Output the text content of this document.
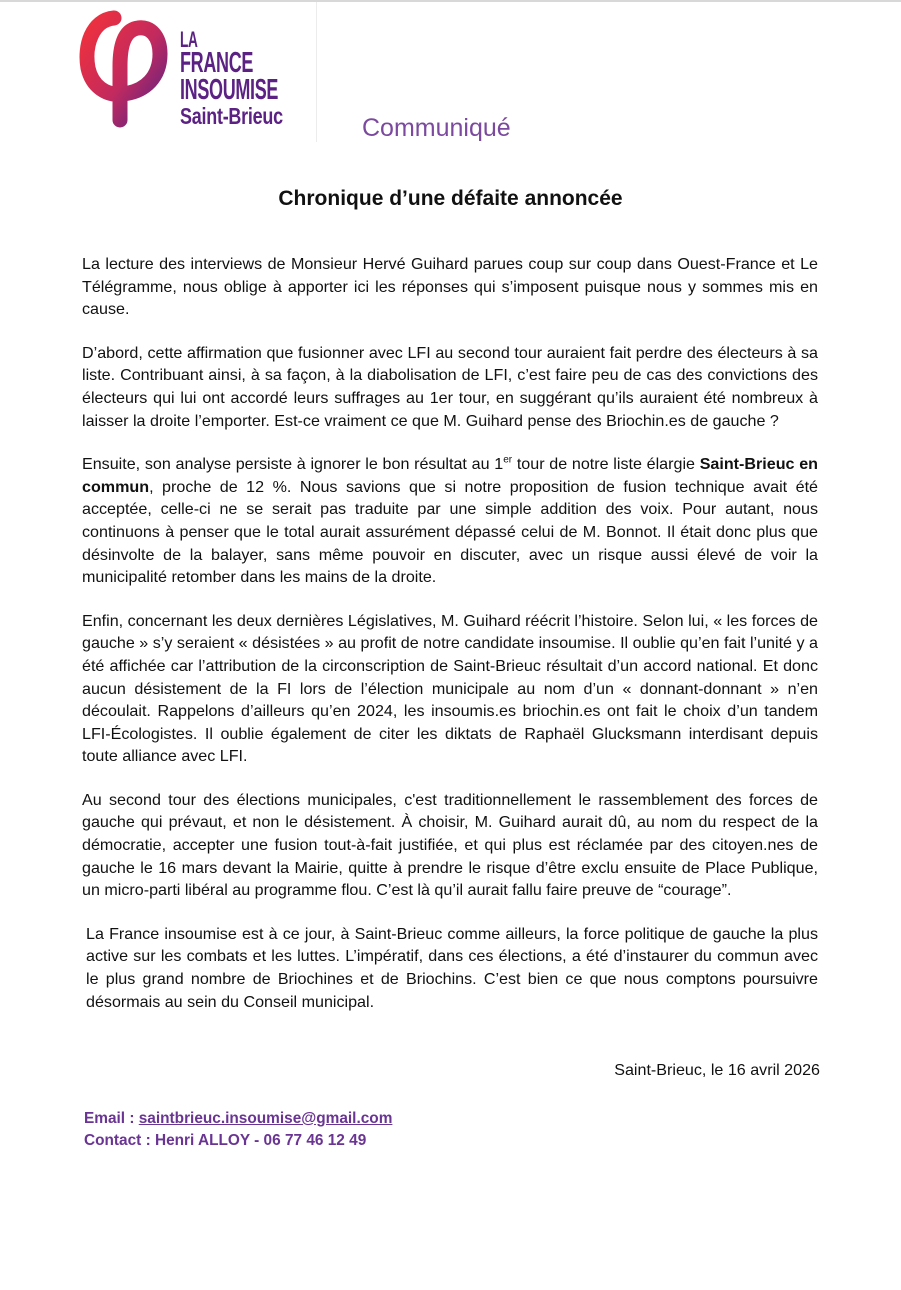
LA
FRANCE
INSOUMISE
Saint-Brieuc	Communiqué
Chronique d’une défaite annoncée

La lecture des interviews de Monsieur Hervé Guihard parues coup sur coup dans Ouest-France et Le Télégramme, nous oblige à apporter ici les réponses qui s’imposent puisque nous y sommes mis en cause.

D’abord, cette affirmation que fusionner avec LFI au second tour auraient fait perdre des électeurs à sa liste. Contribuant ainsi, à sa façon, à la diabolisation de LFI, c’est faire peu de cas des convictions des électeurs qui lui ont accordé leurs suffrages au 1er tour, en suggérant qu’ils auraient été nombreux à laisser la droite l’emporter. Est-ce vraiment ce que M. Guihard pense des Briochin.es de gauche ?

Ensuite, son analyse persiste à ignorer le bon résultat au 1er tour de notre liste élargie Saint-Brieuc en commun, proche de 12 %. Nous savions que si notre proposition de fusion technique avait été acceptée, celle-ci ne se serait pas traduite par une simple addition des voix. Pour autant, nous continuons à penser que le total aurait assurément dépassé celui de M. Bonnot. Il était donc plus que désinvolte de la balayer, sans même pouvoir en discuter, avec un risque aussi élevé de voir la municipalité retomber dans les mains de la droite.

Enfin, concernant les deux dernières Législatives, M. Guihard réécrit l’histoire. Selon lui, « les forces de gauche » s’y seraient « désistées » au profit de notre candidate insoumise. Il oublie qu’en fait l’unité y a été affichée car l’attribution de la circonscription de Saint-Brieuc résultait d’un accord national. Et donc aucun désistement de la FI lors de l’élection municipale au nom d’un « donnant-donnant » n’en découlait. Rappelons d’ailleurs qu’en 2024, les insoumis.es briochin.es ont fait le choix d’un tandem LFI-Écologistes. Il oublie également de citer les diktats de Raphaël Glucksmann interdisant depuis toute alliance avec LFI.

Au second tour des élections municipales, c'est traditionnellement le rassemblement des forces de gauche qui prévaut, et non le désistement. À choisir, M. Guihard aurait dû, au nom du respect de la démocratie, accepter une fusion tout-à-fait justifiée, et qui plus est réclamée par des citoyen.nes de gauche le 16 mars devant la Mairie, quitte à prendre le risque d’être exclu ensuite de Place Publique, un micro-parti libéral au programme flou. C’est là qu’il aurait fallu faire preuve de “courage”.

La France insoumise est à ce jour, à Saint-Brieuc comme ailleurs, la force politique de gauche la plus active sur les combats et les luttes. L’impératif, dans ces élections, a été d’instaurer du commun avec le plus grand nombre de Briochines et de Briochins. C’est bien ce que nous comptons poursuivre désormais au sein du Conseil municipal.

Saint-Brieuc, le 16 avril 2026
Email : saintbrieuc.insoumise@gmail.com
Contact : Henri ALLOY - 06 77 46 12 49
